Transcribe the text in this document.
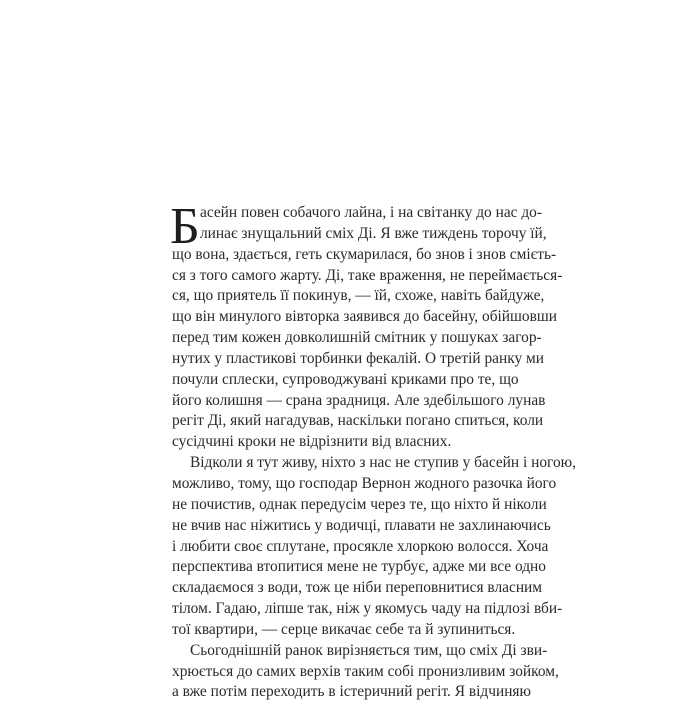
Б асейн повен собачого лайна, і на світанку до нас до-
линає знущальний сміх Ді. Я вже тиждень торочу їй,
що вона, здається, геть скумарилася, бо знов і знов смієть-
ся з того самого жарту. Ді, таке враження, не переймається-
ся, що приятель її покинув, — їй, схоже, навіть байдуже,
що він минулого вівторка заявився до басейну, обійшовши
перед тим кожен довколишній смітник у пошуках загор-
нутих у пластикові торбинки фекалій. О третій ранку ми
почули сплески, супроводжувані криками про те, що
його колишня — срана зрадниця. Але здебільшого лунав
регіт Ді, який нагадував, наскільки погано спиться, коли
сусідчині кроки не відрізнити від власних.
Відколи я тут живу, ніхто з нас не ступив у басейн і ногою,
можливо, тому, що господар Вернон жодного разочка його
не почистив, однак передусім через те, що ніхто й ніколи
не вчив нас ніжитись у водичці, плавати не захлинаючись
і любити своє сплутане, просякле хлоркою волосся. Хоча
перспектива втопитися мене не турбує, адже ми все одно
складаємося з води, тож це ніби переповнитися власним
тілом. Гадаю, ліпше так, ніж у якомусь чаду на підлозі вби-
тої квартири, — серце викачає себе та й зупиниться.
Сьогоднішній ранок вирізняється тим, що сміх Ді зви-
хрюється до самих верхів таким собі пронизливим зойком,
а вже потім переходить в істеричний регіт. Я відчиняю
